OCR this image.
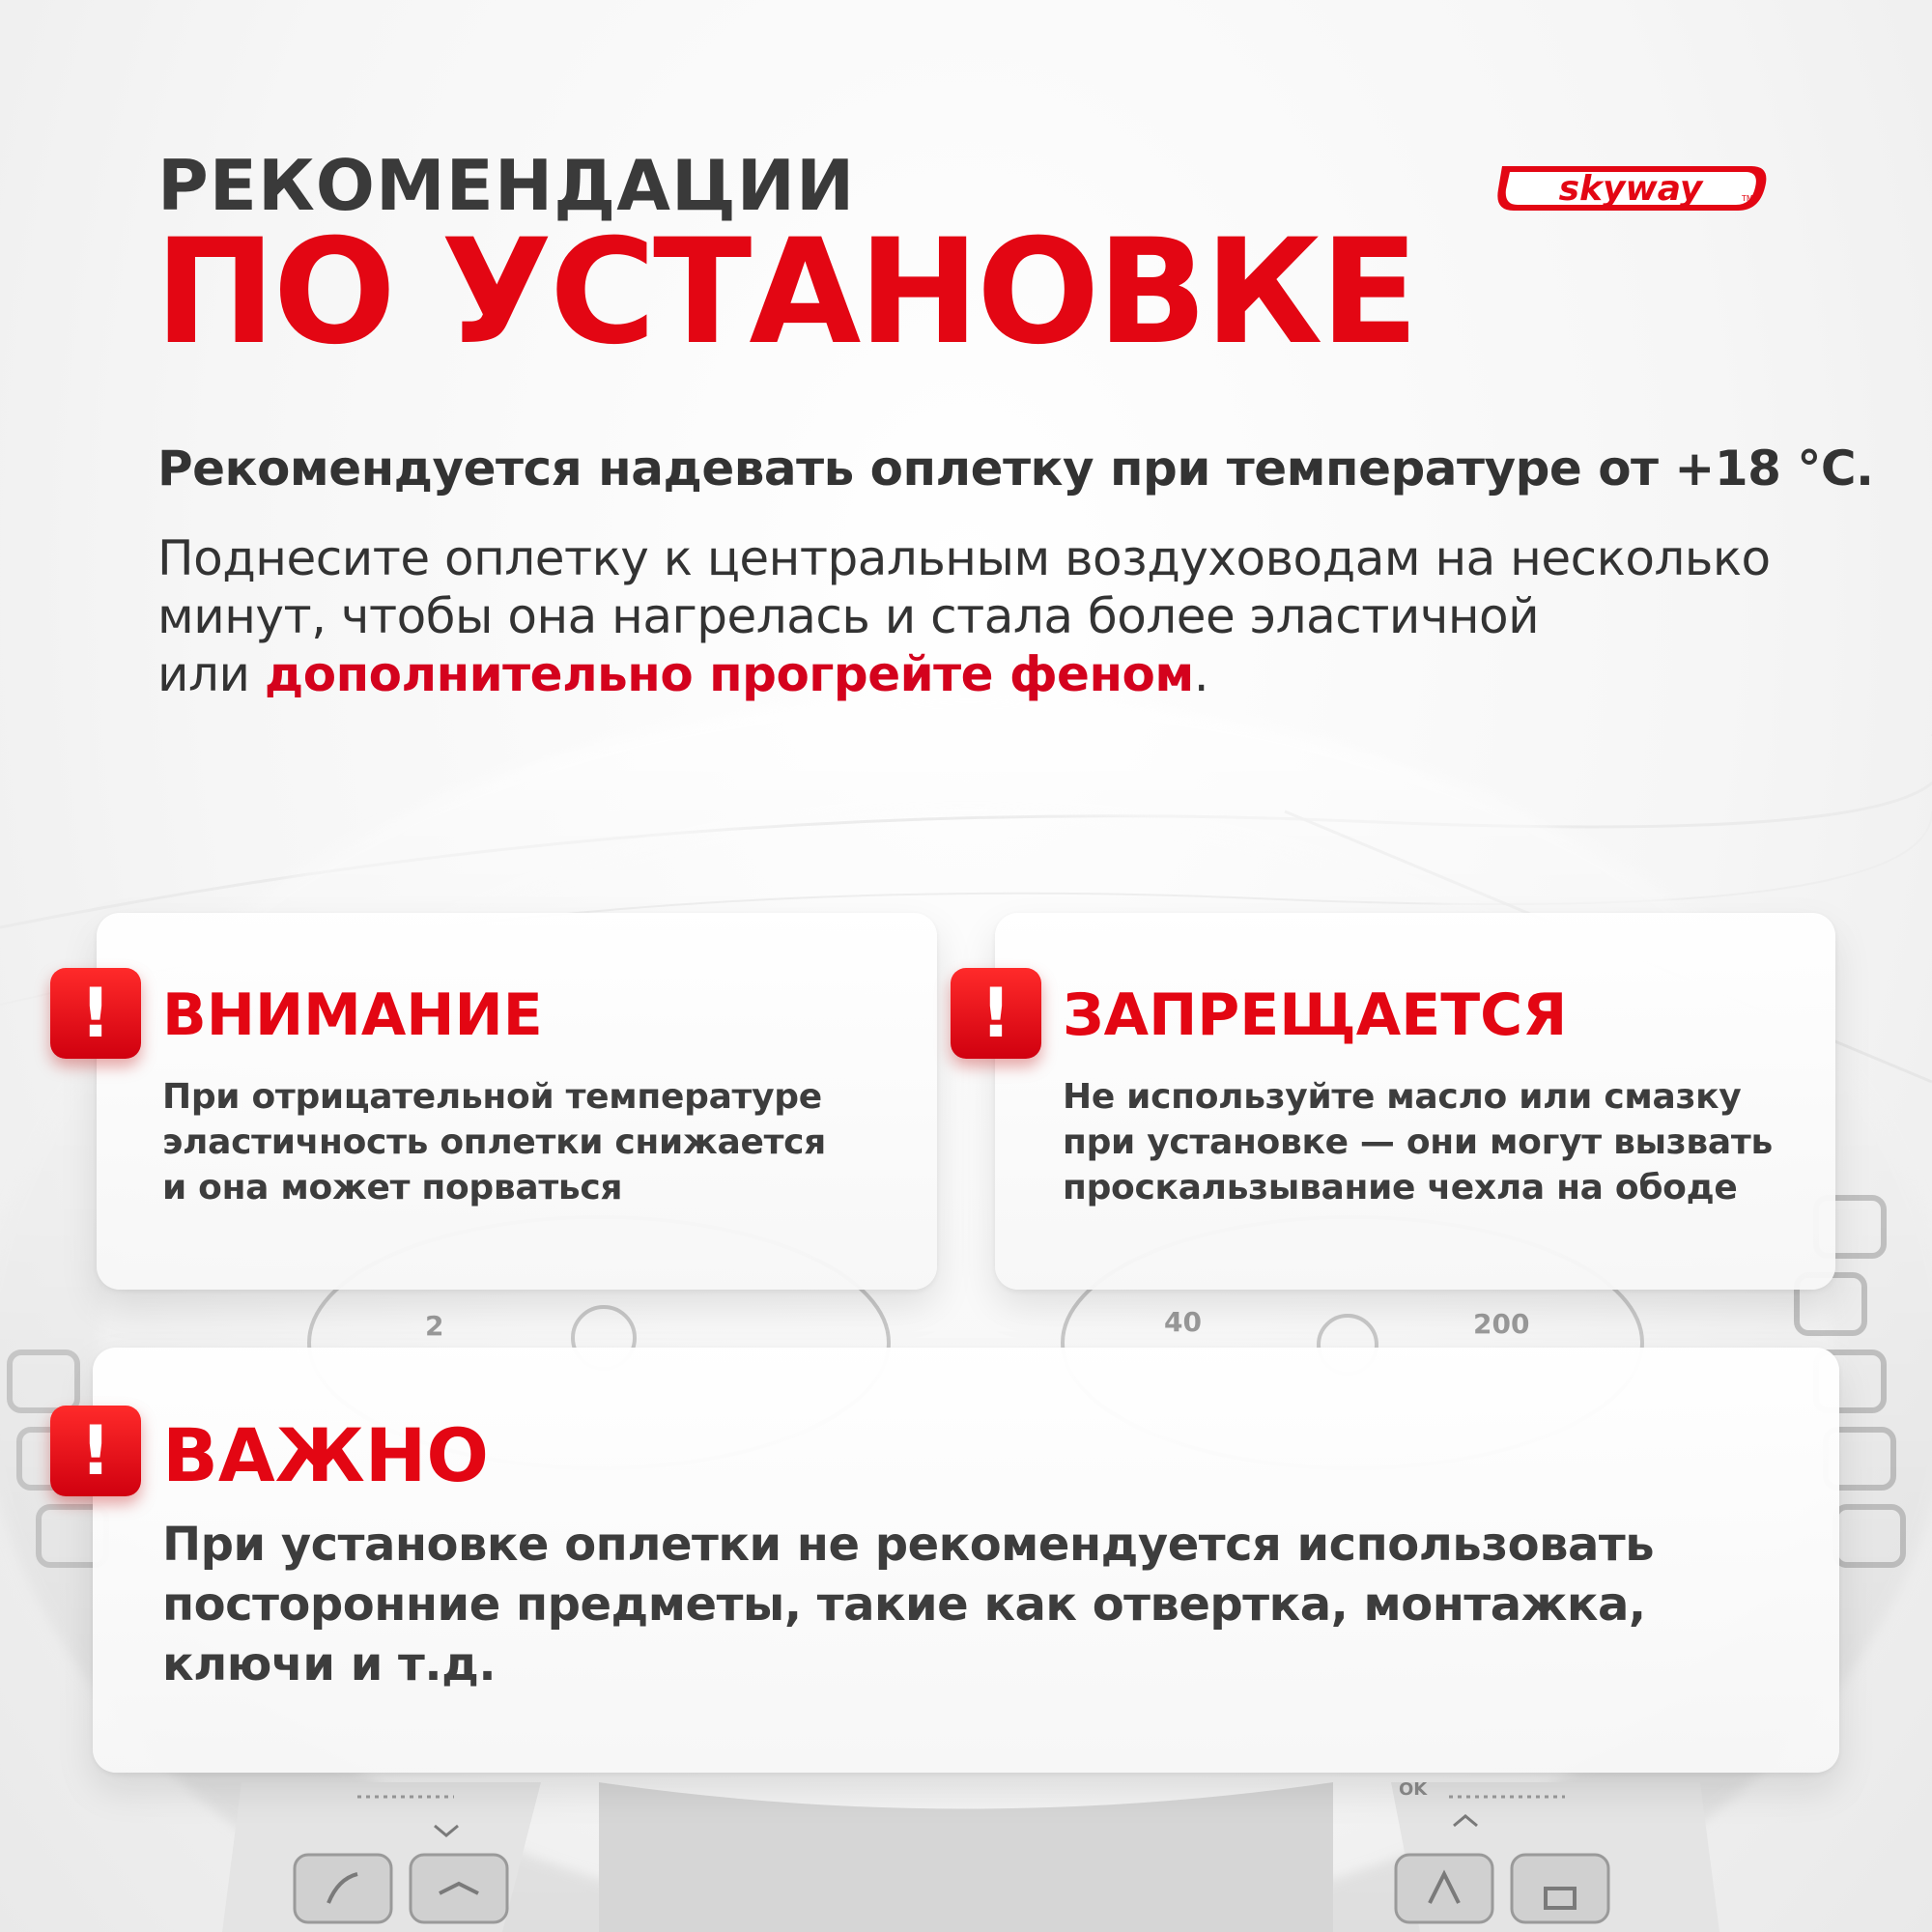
2	40	200
OK
РЕКОМЕНДАЦИИ
ПО УСТАНОВКЕ
skyway	TM

Рекомендуется надевать оплетку при температуре от +18 °C.

Поднесите оплетку к центральным воздуховодам на несколько
минут, чтобы она нагрелась и стала более эластичной
или дополнительно прогрейте феном.

! ВНИМАНИЕ

При отрицательной температуре
эластичность оплетки снижается
и она может порваться

! ЗАПРЕЩАЕТСЯ

Не используйте масло или смазку
при установке — они могут вызвать
проскальзывание чехла на ободе

! ВАЖНО

При установке оплетки не рекомендуется использовать
посторонние предметы, такие как отвертка, монтажка,
ключи и т.д.
